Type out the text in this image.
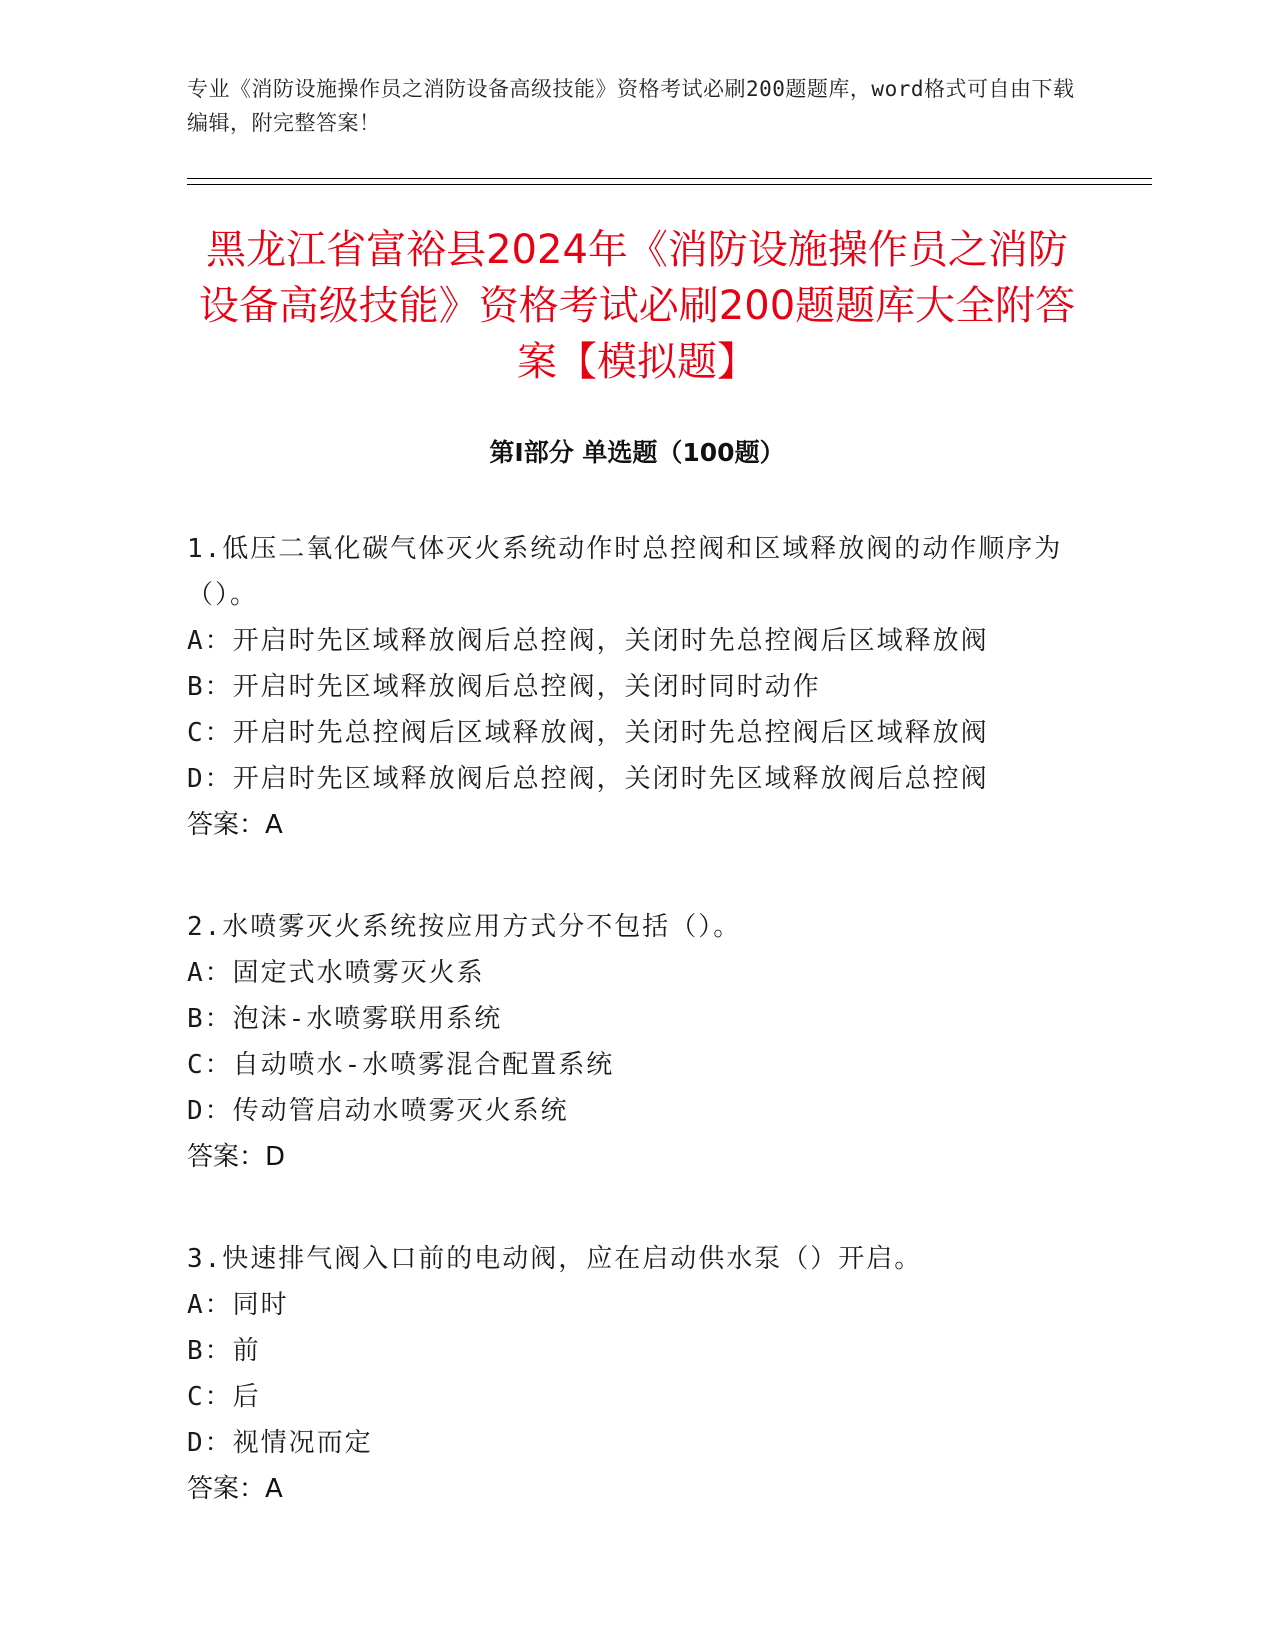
专业《消防设施操作员之消防设备高级技能》资格考试必刷200题题库，word格式可自由下载编辑，附完整答案！
黑龙江省富裕县2024年《消防设施操作员之消防设备高级技能》资格考试必刷200题题库大全附答案【模拟题】
第I部分 单选题（100题）
1.低压二氧化碳气体灭火系统动作时总控阀和区域释放阀的动作顺序为（）。
A：开启时先区域释放阀后总控阀，关闭时先总控阀后区域释放阀
B：开启时先区域释放阀后总控阀，关闭时同时动作
C：开启时先总控阀后区域释放阀，关闭时先总控阀后区域释放阀
D：开启时先区域释放阀后总控阀，关闭时先区域释放阀后总控阀
答案：A
2.水喷雾灭火系统按应用方式分不包括（）。
A：固定式水喷雾灭火系
B：泡沫-水喷雾联用系统
C：自动喷水-水喷雾混合配置系统
D：传动管启动水喷雾灭火系统
答案：D
3.快速排气阀入口前的电动阀，应在启动供水泵（）开启。
A：同时
B：前
C：后
D：视情况而定
答案：A
